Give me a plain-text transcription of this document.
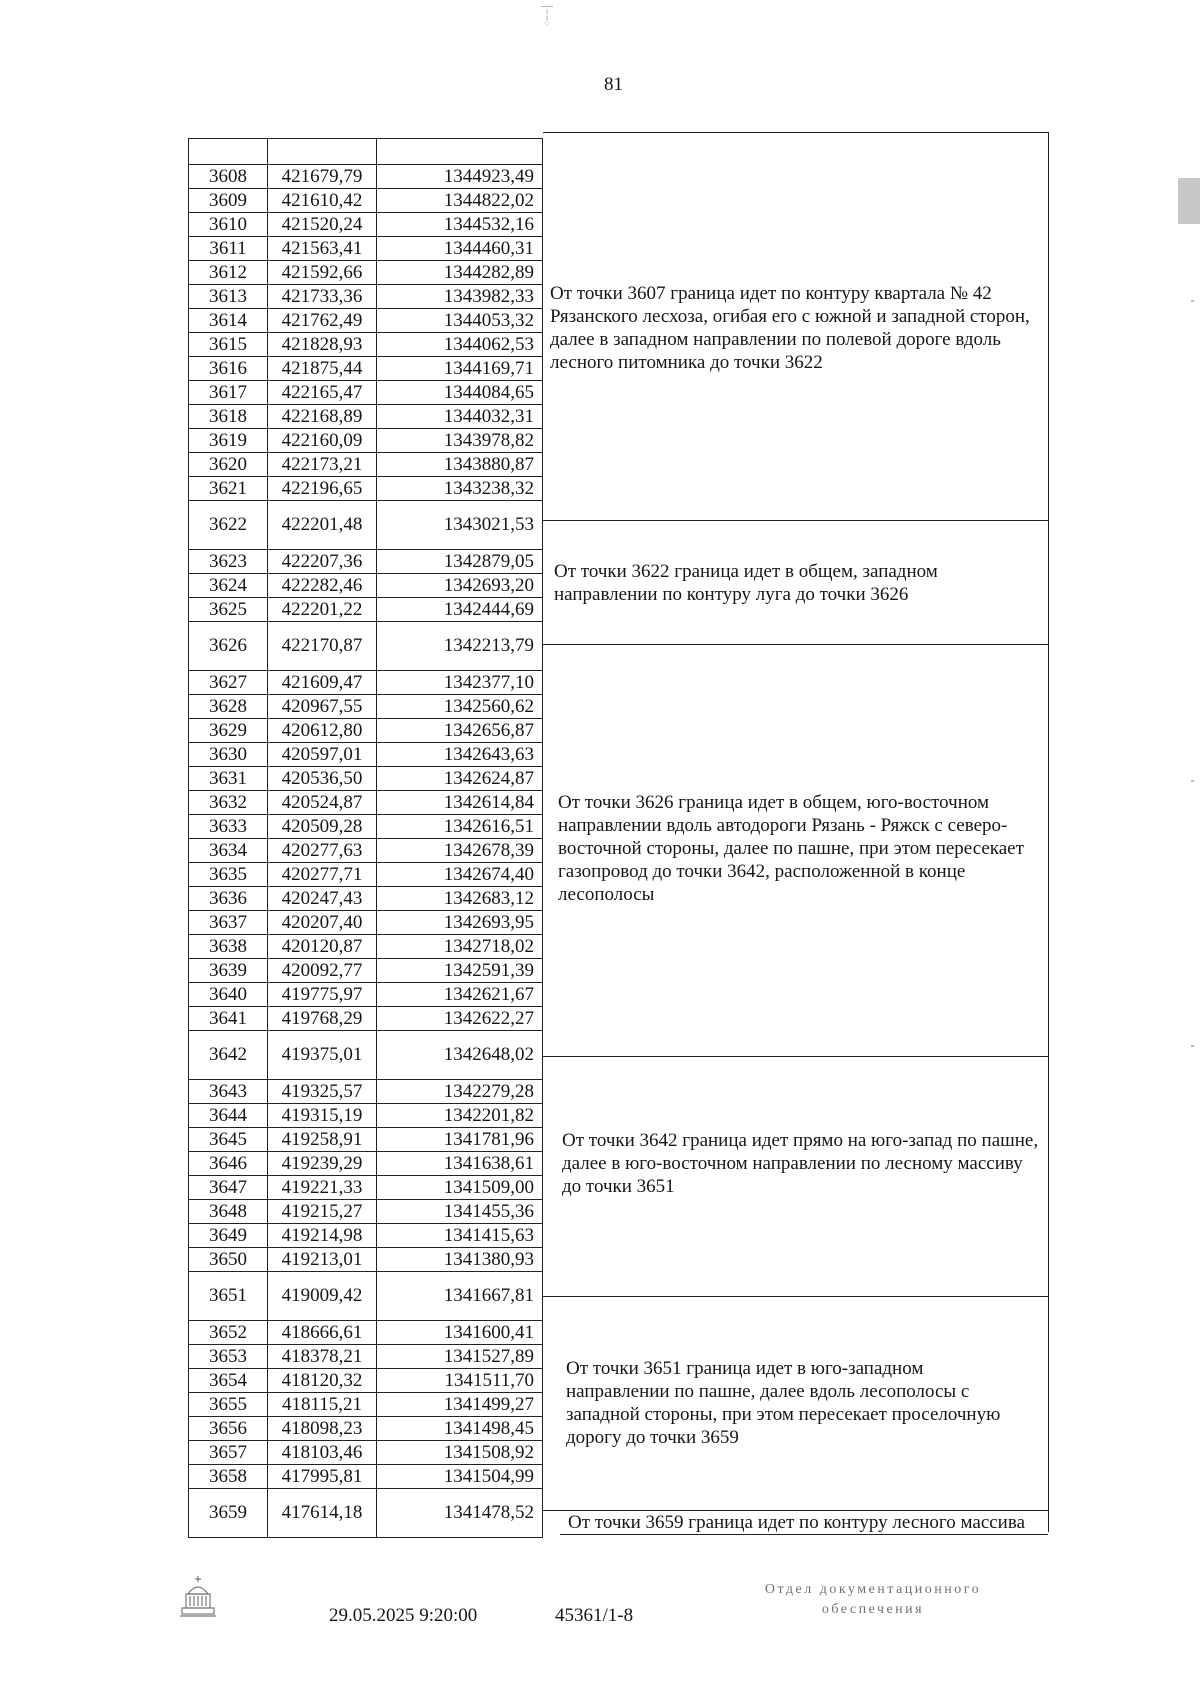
╌╌
╎
⁘
81

3608	421679,79	1344923,49
3609	421610,42	1344822,02
3610	421520,24	1344532,16
3611	421563,41	1344460,31
3612	421592,66	1344282,89
3613	421733,36	1343982,33
3614	421762,49	1344053,32
3615	421828,93	1344062,53
3616	421875,44	1344169,71
3617	422165,47	1344084,65
3618	422168,89	1344032,31
3619	422160,09	1343978,82
3620	422173,21	1343880,87
3621	422196,65	1343238,32
3622	422201,48	1343021,53
3623	422207,36	1342879,05
3624	422282,46	1342693,20
3625	422201,22	1342444,69
3626	422170,87	1342213,79
3627	421609,47	1342377,10
3628	420967,55	1342560,62
3629	420612,80	1342656,87
3630	420597,01	1342643,63
3631	420536,50	1342624,87
3632	420524,87	1342614,84
3633	420509,28	1342616,51
3634	420277,63	1342678,39
3635	420277,71	1342674,40
3636	420247,43	1342683,12
3637	420207,40	1342693,95
3638	420120,87	1342718,02
3639	420092,77	1342591,39
3640	419775,97	1342621,67
3641	419768,29	1342622,27
3642	419375,01	1342648,02
3643	419325,57	1342279,28
3644	419315,19	1342201,82
3645	419258,91	1341781,96
3646	419239,29	1341638,61
3647	419221,33	1341509,00
3648	419215,27	1341455,36
3649	419214,98	1341415,63
3650	419213,01	1341380,93
3651	419009,42	1341667,81
3652	418666,61	1341600,41
3653	418378,21	1341527,89
3654	418120,32	1341511,70
3655	418115,21	1341499,27
3656	418098,23	1341498,45
3657	418103,46	1341508,92
3658	417995,81	1341504,99
3659	417614,18	1341478,52
От точки 3607 граница идет по контуру квартала № 42 Рязанского лесхоза, огибая его с южной и западной сторон, далее в западном направлении по полевой дороге вдоль лесного питомника до точки 3622
От точки 3622 граница идет в общем, западном направлении по контуру луга до точки 3626
От точки 3626 граница идет в общем, юго-восточном направлении вдоль автодороги Рязань - Ряжск с северо-восточной стороны, далее по пашне, при этом пересекает газопровод до точки 3642, расположенной в конце лесополосы
От точки 3642 граница идет прямо на юго-запад по пашне, далее в юго-восточном направлении по лесному массиву до точки 3651
От точки 3651 граница идет в юго-западном направлении по пашне, далее вдоль лесополосы с западной стороны, при этом пересекает проселочную дорогу до точки 3659
От точки 3659 граница идет по контуру лесного массива
29.05.2025 9:20:00	45361/1-8
Отдел документационного
обеспечения
